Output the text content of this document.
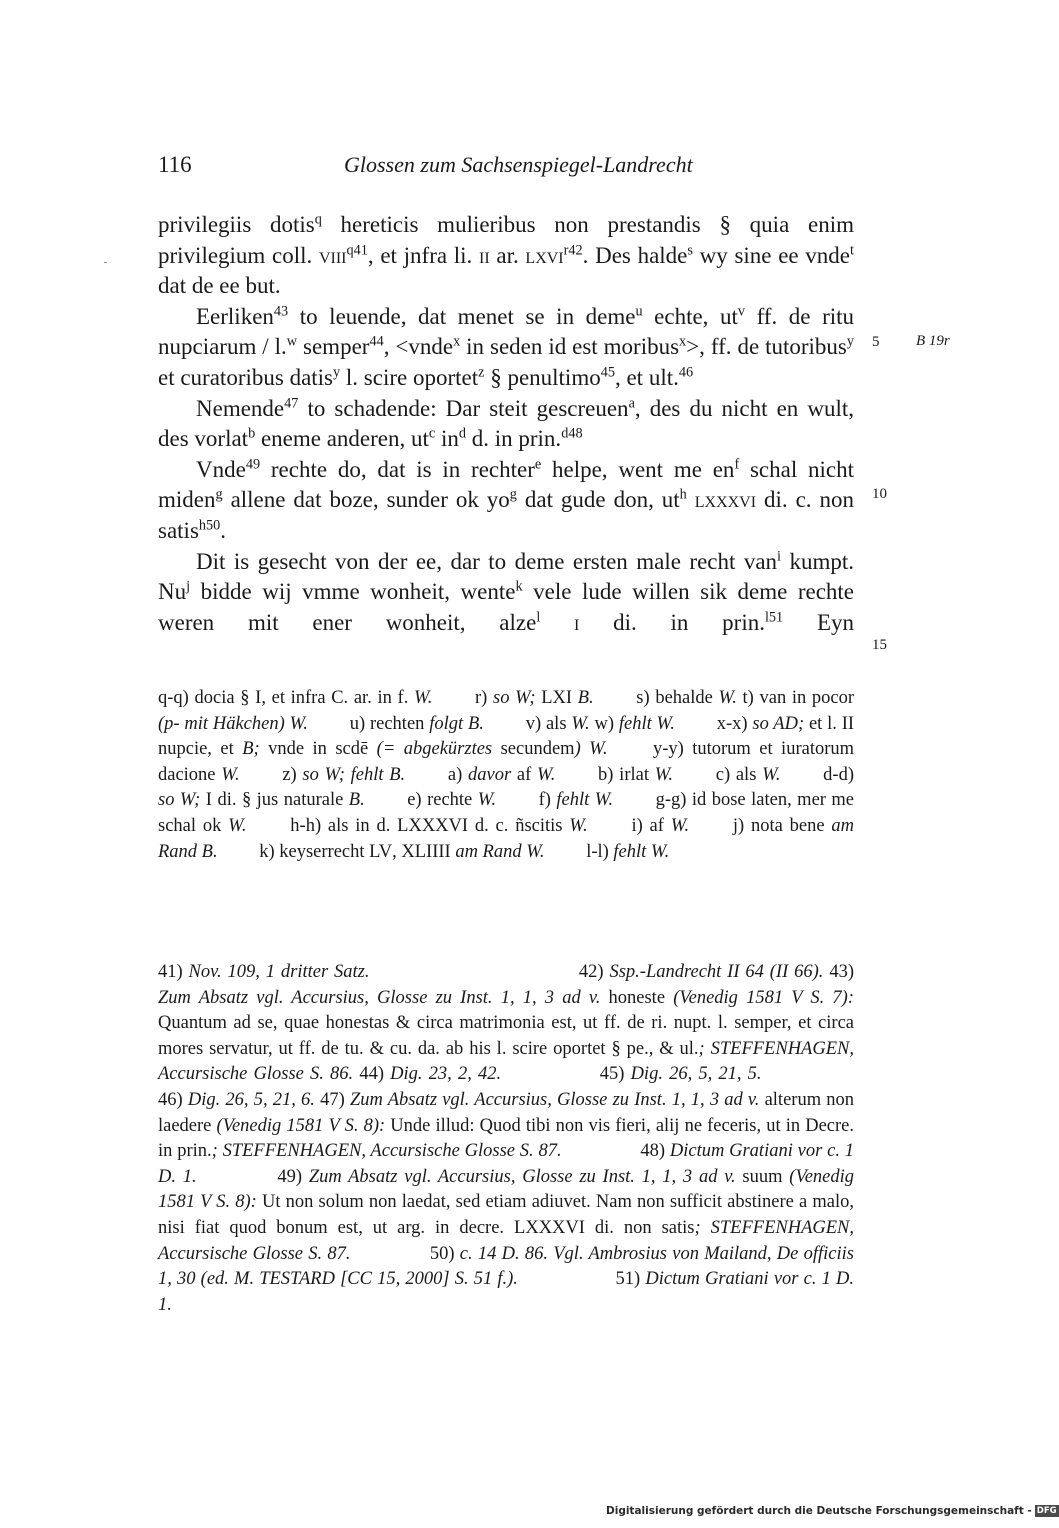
116	Glossen zum Sachsenspiegel-Landrecht

privilegiis dotis$^q$ hereticis mulieribus non prestandis § quia enim privilegium coll. viii$^{q41}$, et jnfra li. ii ar. lxvi$^{r42}$. Des halde$^s$ wy sine ee vnde$^t$ dat de ee but.

Eerliken$^{43}$ to leuende, dat menet se in deme$^u$ echte, $ut^v$ ff. de ritu nupciarum / l.$^w$ semper$^{44}$, <vnde$^x$ in seden id est moribus$^x$>, ff. de tutoribus$^y$ et curatoribus datis$^y$ l. scire oportet$^z$ § penultimo$^{45}$, et ult.$^{46}$

Nemende$^{47}$ to schadende: Dar steit gescreuen$^a$, des du nicht en wult, des vorlat$^b$ eneme anderen, $ut^c$ $in^d$ d. in prin.$^{d48}$

Vnde$^{49}$ rechte do, dat is in rechter$^e$ helpe, went me $en^f$ schal nicht miden$^g$ allene dat boze, sunder ok $yo^g$ dat gude don, $ut^h$ lxxxvi di. c. non satis$^{h50}$.

Dit is gesecht von der ee, dar to deme ersten male recht van$^i$ kumpt. Nu$^j$ bidde wij vmme wonheit, wente$^k$ vele lude willen sik deme rechte weren mit ener wonheit, alze$^l$ i di. in prin.$^{l51}$ Eyn

5 B 19r
10
15

q-q) docia § I, et infra C. ar. in f. W.   r) so W; LXI B.   s) behalde W. t) van in pocor (p- mit Häkchen) W.   u) rechten folgt B.   v) als W. w) fehlt W.   x-x) so AD; et l. II nupcie, et B; vnde in scdē (= abgekürztes secundem) W.   y-y) tutorum et iuratorum dacione W.   z) so W; fehlt B.   a) davor af W.   b) irlat W.   c) als W.   d-d) so W; I di. § jus naturale B.   e) rechte W.   f) fehlt W.   g-g) id bose laten, mer me schal ok W.   h-h) als in d. LXXXVI d. c. ñscitis W.   i) af W.   j) nota bene am Rand B.   k) keyserrecht LV, XLIIII am Rand W.   l-l) fehlt W.

41) Nov. 109, 1 dritter Satz.           	42) Ssp.-Landrecht II 64 (II 66). 43) Zum Absatz vgl. Accursius, Glosse zu Inst. 1, 1, 3 ad v. honeste (Venedig 1581 V S. 7): Quantum ad se, quae honestas & circa matrimonia est, ut ff. de ri. nupt. l. semper, et circa mores servatur, ut ff. de tu. & cu. da. ab his l. scire oportet § pe., & ul.; STEFFENHAGEN, Accursische Glosse S. 86. 44) Dig. 23, 2, 42.     	45) Dig. 26, 5, 21, 5.      46) Dig. 26, 5, 21, 6. 47) Zum Absatz vgl. Accursius, Glosse zu Inst. 1, 1, 3 ad v. alterum non laedere (Venedig 1581 V S. 8): Unde illud: Quod tibi non vis fieri, alij ne feceris, ut in Decre. in prin.; STEFFENHAGEN, Accursische Glosse S. 87.    	48) Dictum Gratiani vor c. 1 D. 1.    	49) Zum Absatz vgl. Accursius, Glosse zu Inst. 1, 1, 3 ad v. suum (Venedig 1581 V S. 8): Ut non solum non laedat, sed etiam adiuvet. Nam non sufficit abstinere a malo, nisi fiat quod bonum est, ut arg. in decre. LXXXVI di. non satis; STEFFENHAGEN, Accursische Glosse S. 87.    	50) c. 14 D. 86. Vgl. Ambrosius von Mailand, De officiis 1, 30 (ed. M. TESTARD [CC 15, 2000] S. 51 f.).     	51) Dictum Gratiani vor c. 1 D. 1.

Digitalisierung gefördert durch die Deutsche Forschungsgemeinschaft - DFG
